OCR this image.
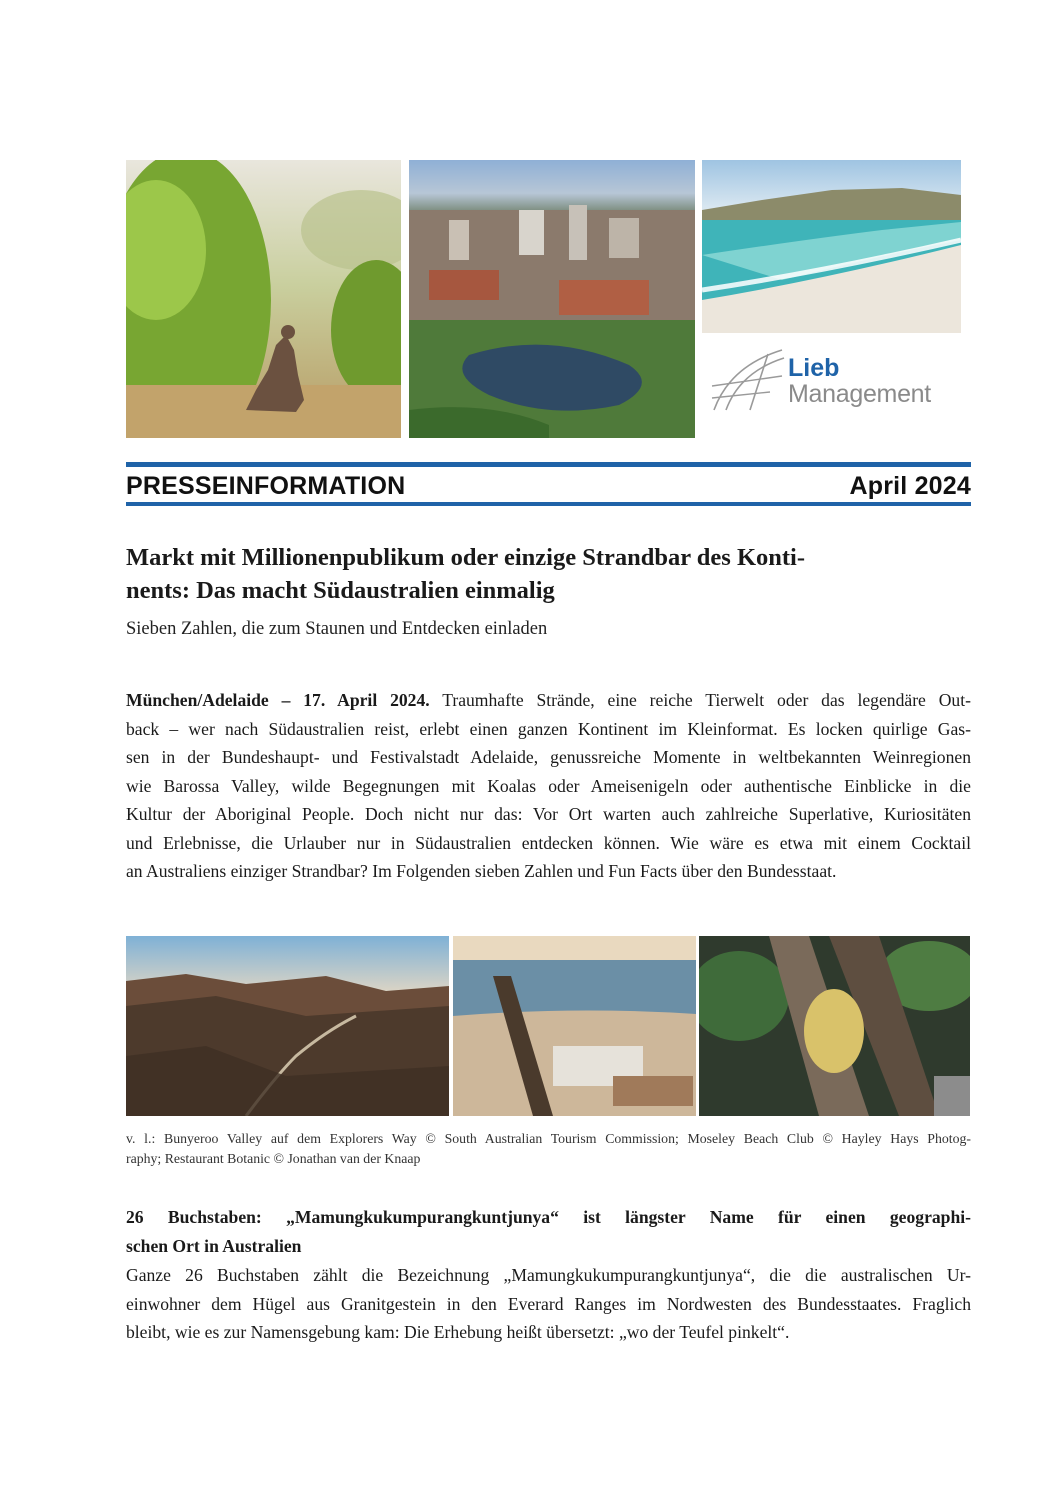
Lieb
Management
PRESSEINFORMATION	April 2024
Markt mit Millionenpublikum oder einzige Strandbar des Konti-
nents: Das macht Südaustralien einmalig
Sieben Zahlen, die zum Staunen und Entdecken einladen
München/Adelaide – 17. April 2024. Traumhafte Strände, eine reiche Tierwelt oder das legendäre Out-
back – wer nach Südaustralien reist, erlebt einen ganzen Kontinent im Kleinformat. Es locken quirlige Gas-
sen in der Bundeshaupt- und Festivalstadt Adelaide, genussreiche Momente in weltbekannten Weinregionen
wie Barossa Valley, wilde Begegnungen mit Koalas oder Ameisenigeln oder authentische Einblicke in die
Kultur der Aboriginal People. Doch nicht nur das: Vor Ort warten auch zahlreiche Superlative, Kuriositäten
und Erlebnisse, die Urlauber nur in Südaustralien entdecken können. Wie wäre es etwa mit einem Cocktail
an Australiens einziger Strandbar? Im Folgenden sieben Zahlen und Fun Facts über den Bundesstaat.
v. l.: Bunyeroo Valley auf dem Explorers Way © South Australian Tourism Commission; Moseley Beach Club © Hayley Hays Photog-
raphy; Restaurant Botanic © Jonathan van der Knaap
26 Buchstaben: „Mamungkukumpurangkuntjunya“ ist längster Name für einen geographi-
schen Ort in Australien
Ganze 26 Buchstaben zählt die Bezeichnung „Mamungkukumpurangkuntjunya“, die die australischen Ur-
einwohner dem Hügel aus Granitgestein in den Everard Ranges im Nordwesten des Bundesstaates. Fraglich
bleibt, wie es zur Namensgebung kam: Die Erhebung heißt übersetzt: „wo der Teufel pinkelt“.
